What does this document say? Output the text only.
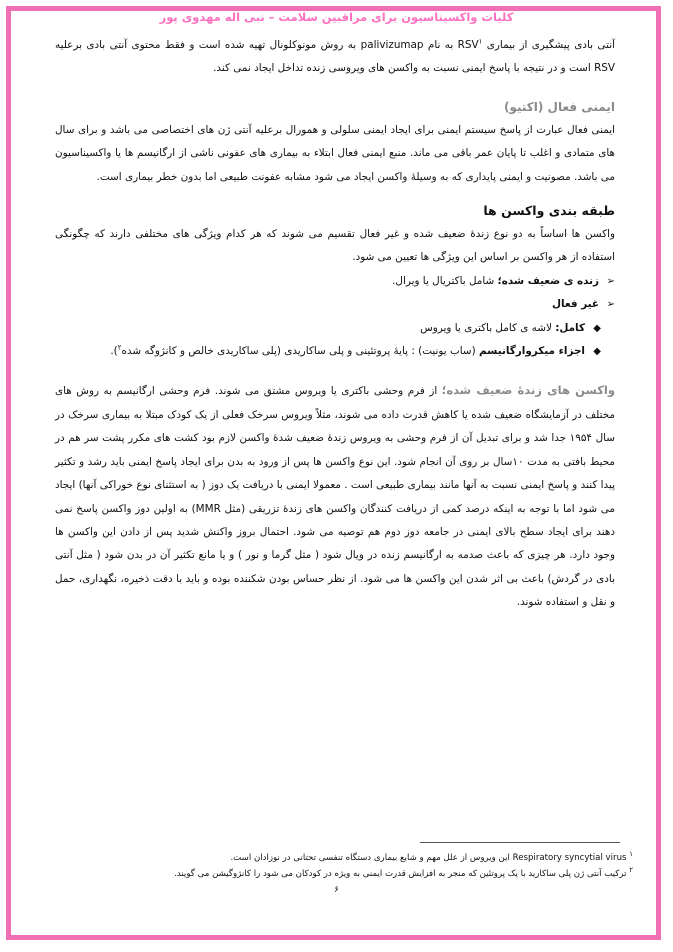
کلیات واکسیناسیون برای مراقبین سلامت – نبی اله مهدوی پور

آنتی بادی پیشگیری از بیماری RSV$^۱$ به نام palivizumap به روش مونوکلونال تهیه شده است و فقط محتوی آنتی بادی برعلیه RSV است و در نتیجه با پاسخ ایمنی نسبت به واکسن های ویروسی زنده تداخل ایجاد نمی کند.

ایمنی فعال (اکتیو)

ایمنی فعال عبارت از پاسخ سیستم ایمنی برای ایجاد ایمنی سلولی و همورال برعلیه آنتی ژن های اختصاصی می باشد و برای سال های متمادی و اغلب تا پایان عمر باقی می ماند. منبع ایمنی فعال ابتلاء به بیماری های عفونی ناشی از ارگانیسم ها یا واکسیناسیون می باشد. مصونیت و ایمنی پایداری که به وسیلهٔ واکسن ایجاد می شود مشابه عفونت طبیعی اما بدون خطر بیماری است.

طبقه بندی واکسن ها

واکسن ها اساساً به دو نوع زندهٔ ضعیف شده و غیر فعال تقسیم می شوند که هر کدام ویژگی های مختلفی دارند که چگونگی استفاده از هر واکسن بر اساس این ویژگی ها تعیین می شود.

➢
زنده ی ضعیف شده؛ شامل باکتریال یا ویرال.
➢
غیر فعال
◆
کامل: لاشه ی کامل باکتری یا ویروس
◆
اجزاء میکروارگانیسم (ساب یونیت) : پایهٔ پروتئینی و پلی ساکاریدی (پلی ساکاریدی خالص و کانژوگه شده$^۲$).

واکسن های زندهٔ ضعیف شده؛ از فرم وحشی باکتری یا ویروس مشتق می شوند. فرم وحشی ارگانیسم به روش های مختلف در آزمایشگاه ضعیف شده یا کاهش قدرت داده می شوند، مثلاً ویروس سرخک فعلی از یک کودک مبتلا به بیماری سرخک در سال ۱۹۵۴ جدا شد و برای تبدیل آن از فرم وحشی به ویروس زندهٔ ضعیف شدهٔ واکسن لازم بود کشت های مکرر پشت سر هم در محیط بافتی به مدت ۱۰سال بر روی آن انجام شود. این نوع واکسن ها پس از ورود به بدن برای ایجاد پاسخ ایمنی باید رشد و تکثیر پیدا کنند و پاسخ ایمنی نسبت به آنها مانند بیماری طبیعی است . معمولا ایمنی با دریافت یک دوز ( به استثنای نوع خوراکی آنها) ایجاد می شود اما با توجه به اینکه درصد کمی از دریافت کنندگان واکسن های زندهٔ تزریقی (مثل MMR) به اولین دوز واکسن پاسخ نمی دهند برای ایجاد سطح بالای ایمنی در جامعه دوز دوم هم توصیه می شود. احتمال بروز واکنش شدید پس از دادن این واکسن ها وجود دارد. هر چیزی که باعث صدمه به ارگانیسم زنده در ویال شود ( مثل گرما و نور ) و یا مانع تکثیر آن در بدن شود ( مثل آنتی بادی در گردش) باعث بی اثر شدن این واکسن ها می شود. از نظر حساس بودن شکننده بوده و باید با دقت ذخیره، نگهداری، حمل و نقل و استفاده شوند.

$^۱$ Respiratory syncytial virus این ویروس از علل مهم و شایع بیماری دستگاه تنفسی تحتانی در نوزادان است.
$^۲$ ترکیب آنتی ژن پلی ساکارید با یک پروتئین که منجر به افزایش قدرت ایمنی به ویژه در کودکان می شود را کانژوگیشن می گویند.
۶
